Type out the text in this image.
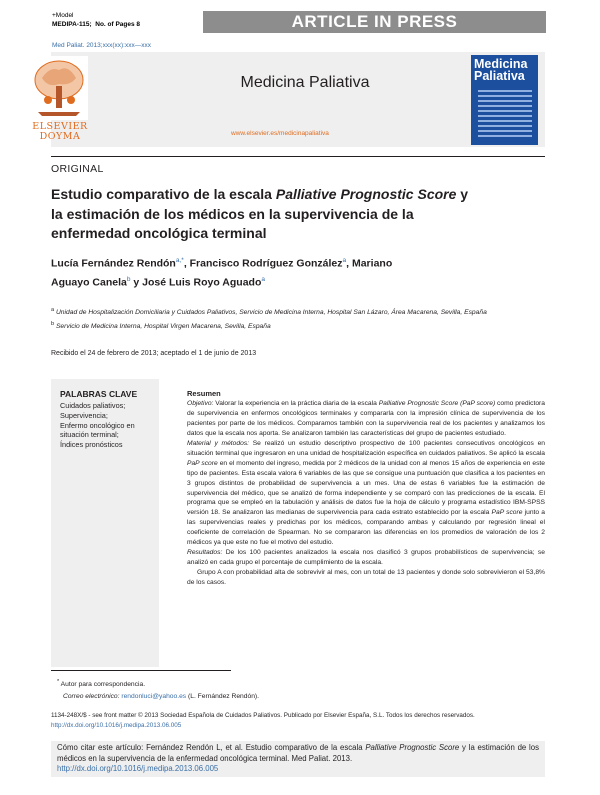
+Model
MEDIPA-115; No. of Pages 8	ARTICLE IN PRESS
Med Paliat. 2013;xxx(xx):xxx—xxx
ELSEVIER
DOYMA
Medicina Paliativa
www.elsevier.es/medicinapaliativa
Medicina
Paliativa
ORIGINAL
Estudio comparativo de la escala Palliative Prognostic Score y la estimación de los médicos en la supervivencia de la enfermedad oncológica terminal
Lucía Fernández Rendón$^{a,*}$, Francisco Rodríguez González$^a$, Mariano Aguayo Canela$^b$ y José Luis Royo Aguado$^a$
$^a$ Unidad de Hospitalización Domiciliaria y Cuidados Paliativos, Servicio de Medicina Interna, Hospital San Lázaro, Área Macarena, Sevilla, España
$^b$ Servicio de Medicina Interna, Hospital Virgen Macarena, Sevilla, España
Recibido el 24 de febrero de 2013; aceptado el 1 de junio de 2013
PALABRAS CLAVE
Cuidados paliativos;
Supervivencia;
Enfermo oncológico en situación terminal;
Índices pronósticos
Resumen

Objetivo: Valorar la experiencia en la práctica diaria de la escala Palliative Prognostic Score (PaP score) como predictora de supervivencia en enfermos oncológicos terminales y compararla con la impresión clínica de supervivencia de los pacientes por parte de los médicos. Comparamos también con la supervivencia real de los pacientes y analizamos los datos que la escala nos aporta. Se analizaron también las características del grupo de pacientes estudiado.

Material y métodos: Se realizó un estudio descriptivo prospectivo de 100 pacientes consecutivos oncológicos en situación terminal que ingresaron en una unidad de hospitalización específica en cuidados paliativos. Se aplicó la escala PaP score en el momento del ingreso, medida por 2 médicos de la unidad con al menos 15 años de experiencia en este tipo de pacientes. Esta escala valora 6 variables de las que se consigue una puntuación que clasifica a los pacientes en 3 grupos distintos de probabilidad de supervivencia a un mes. Una de estas 6 variables fue la estimación de supervivencia del médico, que se analizó de forma independiente y se comparó con las predicciones de la escala. El programa que se empleó en la tabulación y análisis de datos fue la hoja de cálculo y programa estadístico IBM-SPSS versión 18. Se analizaron las medianas de supervivencia para cada estrato establecido por la escala PaP score junto a las supervivencias reales y predichas por los médicos, comparando ambas y calculando por regresión lineal el coeficiente de correlación de Spearman. No se compararon las diferencias en los promedios de valoración de los 2 médicos ya que este no fue el motivo del estudio.

Resultados: De los 100 pacientes analizados la escala nos clasificó 3 grupos probabilísticos de supervivencia; se analizó en cada grupo el porcentaje de cumplimiento de la escala.

Grupo A con probabilidad alta de sobrevivir al mes, con un total de 13 pacientes y donde solo sobrevivieron el 53,8% de los casos.

* Autor para correspondencia.
Correo electrónico: rendonluci@yahoo.es (L. Fernández Rendón).
1134-248X/$ - see front matter © 2013 Sociedad Española de Cuidados Paliativos. Publicado por Elsevier España, S.L. Todos los derechos reservados.
http://dx.doi.org/10.1016/j.medipa.2013.06.005
Cómo citar este artículo: Fernández Rendón L, et al. Estudio comparativo de la escala Palliative Prognostic Score y la estimación de los médicos en la supervivencia de la enfermedad oncológica terminal. Med Paliat. 2013.
http://dx.doi.org/10.1016/j.medipa.2013.06.005
